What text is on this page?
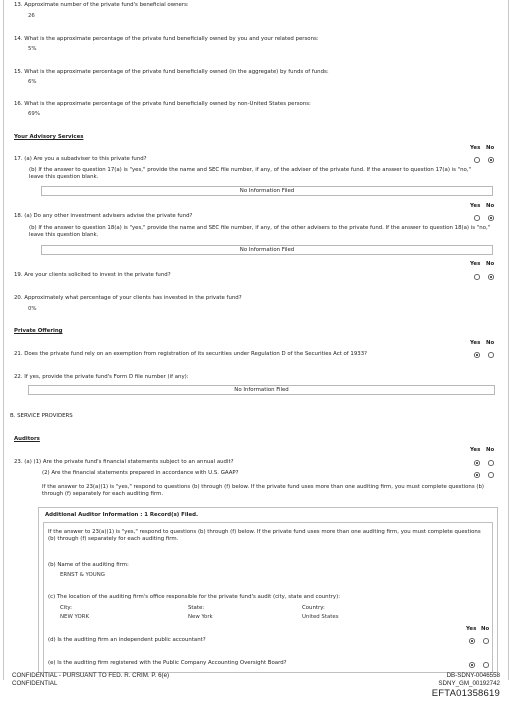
13. Approximate number of the private fund's beneficial owners:
26
14. What is the approximate percentage of the private fund beneficially owned by you and your related persons:
5%
15. What is the approximate percentage of the private fund beneficially owned (in the aggregate) by funds of funds:
6%
16. What is the approximate percentage of the private fund beneficially owned by non-United States persons:
69%
Your Advisory Services
Yes No
17. (a) Are you a subadviser to this private fund?
(b) If the answer to question 17(a) is "yes," provide the name and SEC file number, if any, of the adviser of the private fund. If the answer to question 17(a) is "no," leave this question blank.
No Information Filed
Yes No
18. (a) Do any other investment advisers advise the private fund?
(b) If the answer to question 18(a) is "yes," provide the name and SEC file number, if any, of the other advisers to the private fund. If the answer to question 18(a) is "no," leave this question blank.
No Information Filed
Yes No
19. Are your clients solicited to invest in the private fund?
20. Approximately what percentage of your clients has invested in the private fund?
0%
Private Offering
Yes No
21. Does the private fund rely on an exemption from registration of its securities under Regulation D of the Securities Act of 1933?
22. If yes, provide the private fund's Form D file number (if any):
No Information Filed
B. SERVICE PROVIDERS
Auditors
Yes No
23. (a) (1) Are the private fund's financial statements subject to an annual audit?
(2) Are the financial statements prepared in accordance with U.S. GAAP?
If the answer to 23(a)(1) is "yes," respond to questions (b) through (f) below. If the private fund uses more than one auditing firm, you must complete questions (b) through (f) separately for each auditing firm.
Additional Auditor Information : 1 Record(s) Filed.
If the answer to 23(a)(1) is "yes," respond to questions (b) through (f) below. If the private fund uses more than one auditing firm, you must complete questions (b) through (f) separately for each auditing firm.
(b) Name of the auditing firm:
ERNST & YOUNG
(c) The location of the auditing firm's office responsible for the private fund's audit (city, state and country):
City:
NEW YORK
State:
New York
Country:
United States
Yes No
(d) Is the auditing firm an independent public accountant?
(e) Is the auditing firm registered with the Public Company Accounting Oversight Board?
CONFIDENTIAL - PURSUANT TO FED. R. CRIM. P. 6(e)
CONFIDENTIAL
DB-SDNY-0046558
SDNY_GM_00192742
EFTA01358619
